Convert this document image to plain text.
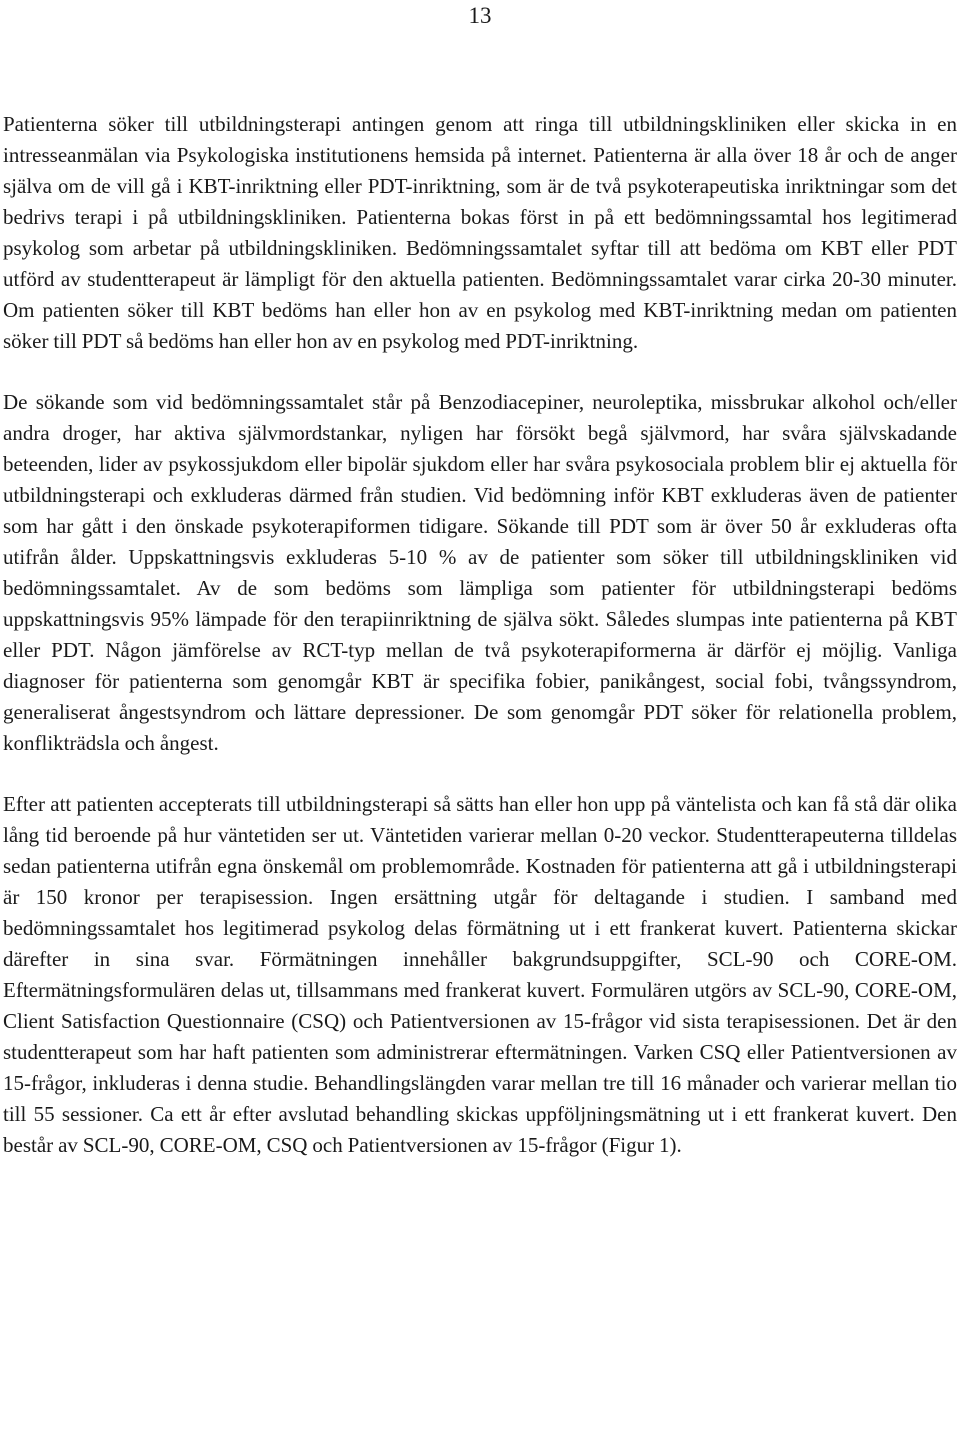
13

Patienterna söker till utbildningsterapi antingen genom att ringa till utbildningskliniken eller skicka in en intresseanmälan via Psykologiska institutionens hemsida på internet. Patienterna är alla över 18 år och de anger själva om de vill gå i KBT-inriktning eller PDT-inriktning, som är de två psykoterapeutiska inriktningar som det bedrivs terapi i på utbildningskliniken. Patienterna bokas först in på ett bedömningssamtal hos legitimerad psykolog som arbetar på utbildningskliniken. Bedömningssamtalet syftar till att bedöma om KBT eller PDT utförd av studentterapeut är lämpligt för den aktuella patienten. Bedömningssamtalet varar cirka 20-30 minuter. Om patienten söker till KBT bedöms han eller hon av en psykolog med KBT-inriktning medan om patienten söker till PDT så bedöms han eller hon av en psykolog med PDT-inriktning.

De sökande som vid bedömningssamtalet står på Benzodiacepiner, neuroleptika, missbrukar alkohol och/eller andra droger, har aktiva självmordstankar, nyligen har försökt begå självmord, har svåra självskadande beteenden, lider av psykossjukdom eller bipolär sjukdom eller har svåra psykosociala problem blir ej aktuella för utbildningsterapi och exkluderas därmed från studien. Vid bedömning inför KBT exkluderas även de patienter som har gått i den önskade psykoterapiformen tidigare. Sökande till PDT som är över 50 år exkluderas ofta utifrån ålder. Uppskattningsvis exkluderas 5-10 % av de patienter som söker till utbildningskliniken vid bedömningssamtalet. Av de som bedöms som lämpliga som patienter för utbildningsterapi bedöms uppskattningsvis 95% lämpade för den terapiinriktning de själva sökt. Således slumpas inte patienterna på KBT eller PDT. Någon jämförelse av RCT-typ mellan de två psykoterapiformerna är därför ej möjlig. Vanliga diagnoser för patienterna som genomgår KBT är specifika fobier, panikångest, social fobi, tvångssyndrom, generaliserat ångestsyndrom och lättare depressioner. De som genomgår PDT söker för relationella problem, konflikträdsla och ångest.

Efter att patienten accepterats till utbildningsterapi så sätts han eller hon upp på väntelista och kan få stå där olika lång tid beroende på hur väntetiden ser ut. Väntetiden varierar mellan 0-20 veckor. Studentterapeuterna tilldelas sedan patienterna utifrån egna önskemål om problemområde. Kostnaden för patienterna att gå i utbildningsterapi är 150 kronor per terapisession. Ingen ersättning utgår för deltagande i studien. I samband med bedömningssamtalet hos legitimerad psykolog delas förmätning ut i ett frankerat kuvert. Patienterna skickar därefter in sina svar. Förmätningen innehåller bakgrundsuppgifter, SCL-90 och CORE-OM. Eftermätningsformulären delas ut, tillsammans med frankerat kuvert. Formulären utgörs av SCL-90, CORE-OM, Client Satisfaction Questionnaire (CSQ) och Patientversionen av 15-frågor vid sista terapisessionen. Det är den studentterapeut som har haft patienten som administrerar eftermätningen. Varken CSQ eller Patientversionen av 15-frågor, inkluderas i denna studie. Behandlingslängden varar mellan tre till 16 månader och varierar mellan tio till 55 sessioner. Ca ett år efter avslutad behandling skickas uppföljningsmätning ut i ett frankerat kuvert. Den består av SCL-90, CORE-OM, CSQ och Patientversionen av 15-frågor (Figur 1).
